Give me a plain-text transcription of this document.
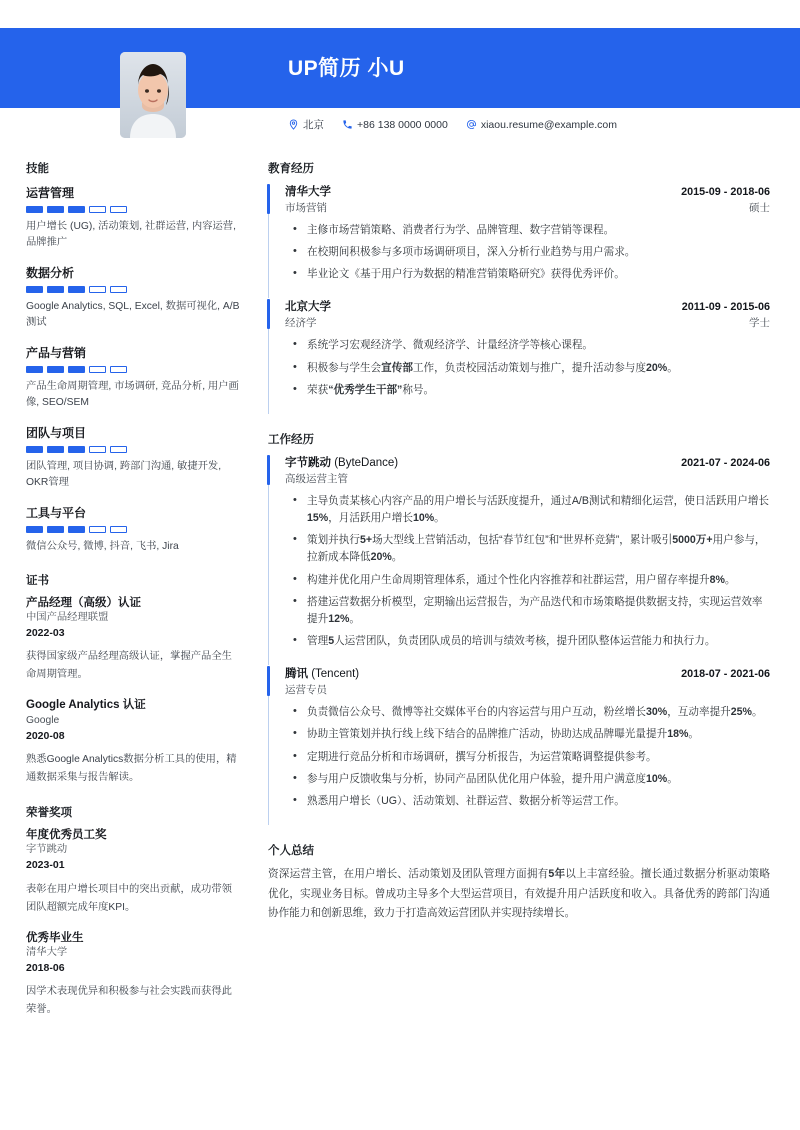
UP简历 小U
北京	+86 138 0000 0000	xiaou.resume@example.com
技能
运营管理
用户增长 (UG), 活动策划, 社群运营, 内容运营, 品牌推广
数据分析
Google Analytics, SQL, Excel, 数据可视化, A/B测试
产品与营销
产品生命周期管理, 市场调研, 竞品分析, 用户画像, SEO/SEM
团队与项目
团队管理, 项目协调, 跨部门沟通, 敏捷开发, OKR管理
工具与平台
微信公众号, 微博, 抖音, 飞书, Jira
证书
产品经理（高级）认证
中国产品经理联盟
2022-03
获得国家级产品经理高级认证，掌握产品全生命周期管理。
Google Analytics 认证
Google
2020-08
熟悉Google Analytics数据分析工具的使用，精通数据采集与报告解读。
荣誉奖项
年度优秀员工奖
字节跳动
2023-01
表彰在用户增长项目中的突出贡献，成功带领团队超额完成年度KPI。
优秀毕业生
清华大学
2018-06
因学术表现优异和积极参与社会实践而获得此荣誉。
教育经历
清华大学	2015-09 - 2018-06
市场营销	硕士
• 主修市场营销策略、消费者行为学、品牌管理、数字营销等课程。
• 在校期间积极参与多项市场调研项目，深入分析行业趋势与用户需求。
• 毕业论文《基于用户行为数据的精准营销策略研究》获得优秀评价。
北京大学	2011-09 - 2015-06
经济学	学士
• 系统学习宏观经济学、微观经济学、计量经济学等核心课程。
• 积极参与学生会宣传部工作，负责校园活动策划与推广，提升活动参与度20%。
• 荣获“优秀学生干部”称号。
工作经历
字节跳动 (ByteDance)	2021-07 - 2024-06
高级运营主管
• 主导负责某核心内容产品的用户增长与活跃度提升，通过A/B测试和精细化运营，使日活跃用户增长15%，月活跃用户增长10%。
• 策划并执行5+场大型线上营销活动，包括“春节红包”和“世界杯竞猜”，累计吸引5000万+用户参与，拉新成本降低20%。
• 构建并优化用户生命周期管理体系，通过个性化内容推荐和社群运营，用户留存率提升8%。
• 搭建运营数据分析模型，定期输出运营报告，为产品迭代和市场策略提供数据支持，实现运营效率提升12%。
• 管理5人运营团队，负责团队成员的培训与绩效考核，提升团队整体运营能力和执行力。
腾讯 (Tencent)	2018-07 - 2021-06
运营专员
• 负责微信公众号、微博等社交媒体平台的内容运营与用户互动，粉丝增长30%，互动率提升25%。
• 协助主管策划并执行线上线下结合的品牌推广活动，协助达成品牌曝光量提升18%。
• 定期进行竞品分析和市场调研，撰写分析报告，为运营策略调整提供参考。
• 参与用户反馈收集与分析，协同产品团队优化用户体验，提升用户满意度10%。
• 熟悉用户增长（UG）、活动策划、社群运营、数据分析等运营工作。
个人总结
资深运营主管，在用户增长、活动策划及团队管理方面拥有5年以上丰富经验。擅长通过数据分析驱动策略优化，实现业务目标。曾成功主导多个大型运营项目，有效提升用户活跃度和收入。具备优秀的跨部门沟通协作能力和创新思维，致力于打造高效运营团队并实现持续增长。
